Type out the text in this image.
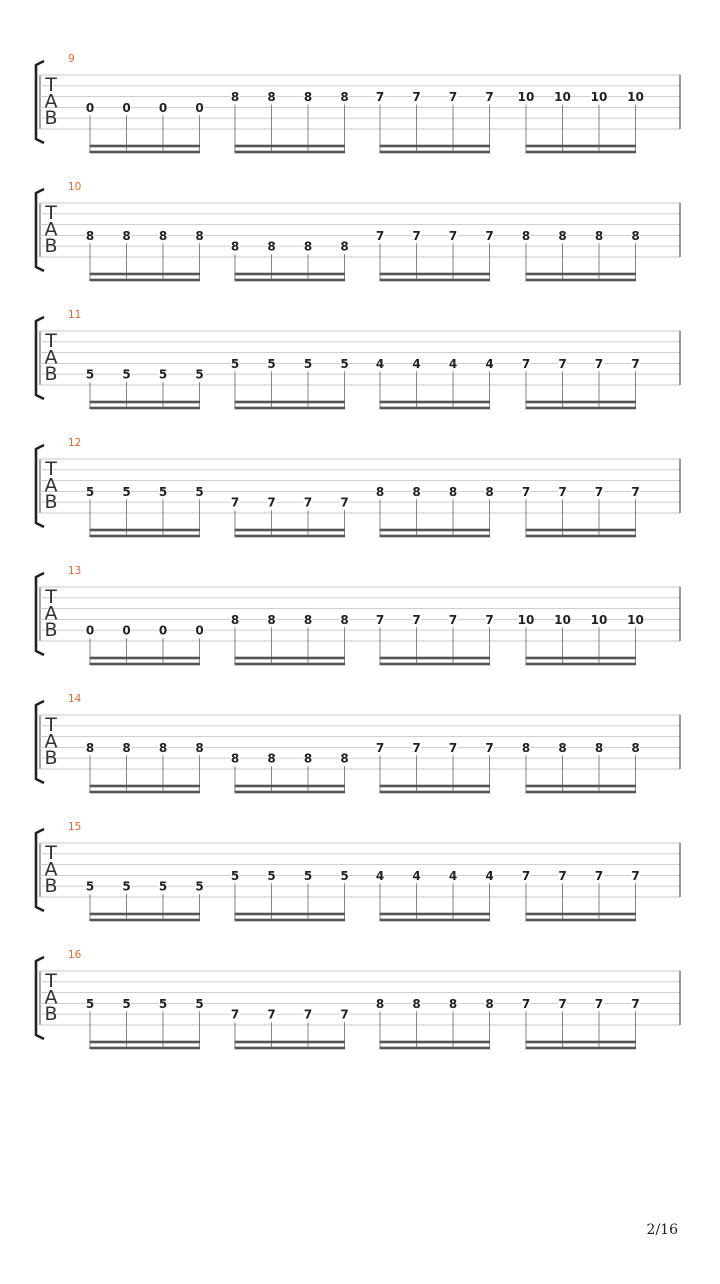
9
T
A
B 0 0 0 0
8 8 8 8 7 7 7 7 10 10 10 10
10
T
A
B 8 8 8 8
8 8 8 8
7 7 7 7 8 8 8 8
11
T
A
B 5 5 5 5
5 5 5 5 4 4 4 4 7 7 7 7
12
T
A
B 5 5 5 5
7 7 7 7
8 8 8 8 7 7 7 7
13
T
A
B 0 0 0 0
8 8 8 8 7 7 7 7 10 10 10 10
14
T
A
B 8 8 8 8
8 8 8 8
7 7 7 7 8 8 8 8
15
T
A
B 5 5 5 5
5 5 5 5 4 4 4 4 7 7 7 7
16
T
A
B 5 5 5 5
7 7 7 7
8 8 8 8 7 7 7 7
2/16
